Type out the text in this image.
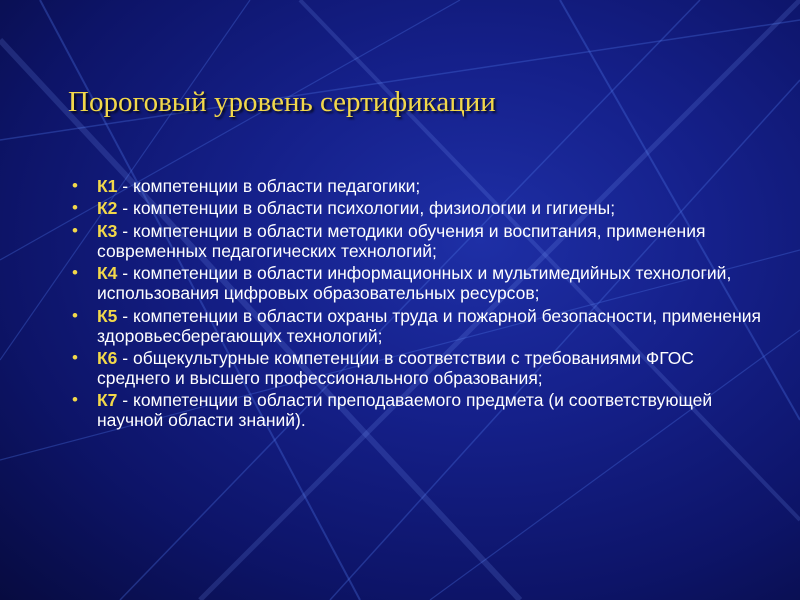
Пороговый уровень сертификации
• К1 - компетенции в области педагогики;
• К2 - компетенции в области психологии, физиологии и гигиены;
• К3 - компетенции в области методики обучения и воспитания, применения современных педагогических технологий;
• К4 - компетенции в области информационных и мультимедийных технологий, использования цифровых образовательных ресурсов;
• К5 - компетенции в области охраны труда и пожарной безопасности, применения здоровьесберегающих технологий;
• К6 - общекультурные компетенции в соответствии с требованиями ФГОС среднего и высшего профессионального образования;
• К7 - компетенции в области преподаваемого предмета (и соответствующей научной области знаний).
